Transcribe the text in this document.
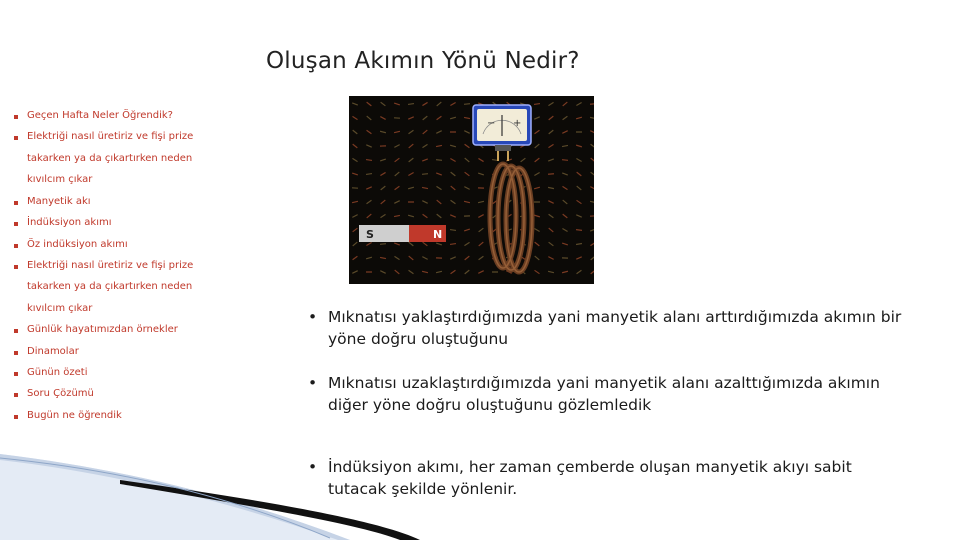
Oluşan Akımın Yönü Nedir?
Geçen Hafta Neler Öğrendik?
Elektriği nasıl üretiriz ve fişi prize
takarken ya da çıkartırken neden
kıvılcım çıkar
Manyetik akı
İndüksiyon akımı
Öz indüksiyon akımı
Elektriği nasıl üretiriz ve fişi prize
takarken ya da çıkartırken neden
kıvılcım çıkar
Günlük hayatımızdan örnekler
Dinamolar
Günün özeti
Soru Çözümü
Bugün ne öğrendik
− +
S	N
• Mıknatısı yaklaştırdığımızda yani manyetik alanı arttırdığımızda akımın bir yöne doğru oluştuğunu
• Mıknatısı uzaklaştırdığımızda yani manyetik alanı azalttığımızda akımın diğer yöne doğru oluştuğunu gözlemledik
• İndüksiyon akımı, her zaman çemberde oluşan manyetik akıyı sabit tutacak şekilde yönlenir.
